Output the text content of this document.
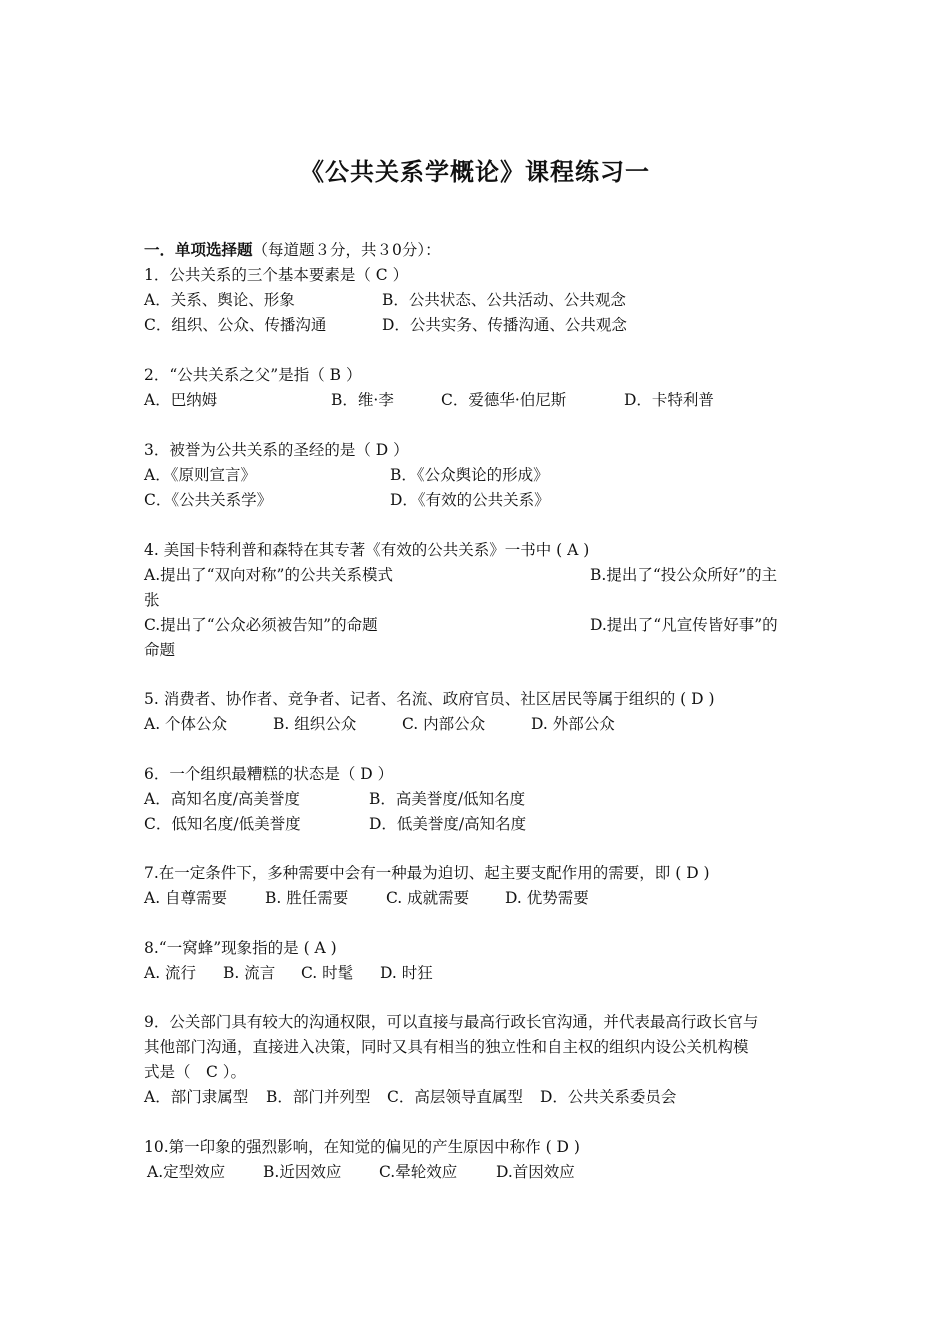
《公共关系学概论》课程练习一
一．单项选择题（每道题３分，共３0分）：
1．公共关系的三个基本要素是（ C ）
A．关系、舆论、形象	B．公共状态、公共活动、公共观念
C．组织、公众、传播沟通	D．公共实务、传播沟通、公共观念
2．“公共关系之父”是指（ B ）
A．巴纳姆	B．维·李	C．爱德华·伯尼斯	D．卡特利普
3．被誉为公共关系的圣经的是（ D ）
A．《原则宣言》	B．《公众舆论的形成》
C．《公共关系学》	D．《有效的公共关系》
4. 美国卡特利普和森特在其专著《有效的公共关系》一书中 ( A )
A.提出了“双向对称”的公共关系模式	B.提出了“投公众所好”的主
张
C.提出了“公众必须被告知”的命题	D.提出了“凡宣传皆好事”的
命题
5. 消费者、协作者、竞争者、记者、名流、政府官员、社区居民等属于组织的 ( D )
A. 个体公众	B. 组织公众	C. 内部公众	D. 外部公众
6．一个组织最糟糕的状态是（ D ）
A．高知名度/高美誉度	B．高美誉度/低知名度
C．低知名度/低美誉度	D．低美誉度/高知名度
7.在一定条件下，多种需要中会有一种最为迫切、起主要支配作用的需要，即 ( D )
A. 自尊需要 B. 胜任需要 C. 成就需要 D. 优势需要
8.“一窝蜂”现象指的是 ( A )
A. 流行 B. 流言 C. 时髦 D. 时狂
9．公关部门具有较大的沟通权限，可以直接与最高行政长官沟通，并代表最高行政长官与
其他部门沟通，直接进入决策，同时又具有相当的独立性和自主权的组织内设公关机构模
式是（　C ）。
A．部门隶属型 B．部门并列型 C．高层领导直属型 D．公共关系委员会
10.第一印象的强烈影响，在知觉的偏见的产生原因中称作 ( D )
A.定型效应 B.近因效应 C.晕轮效应	D.首因效应
